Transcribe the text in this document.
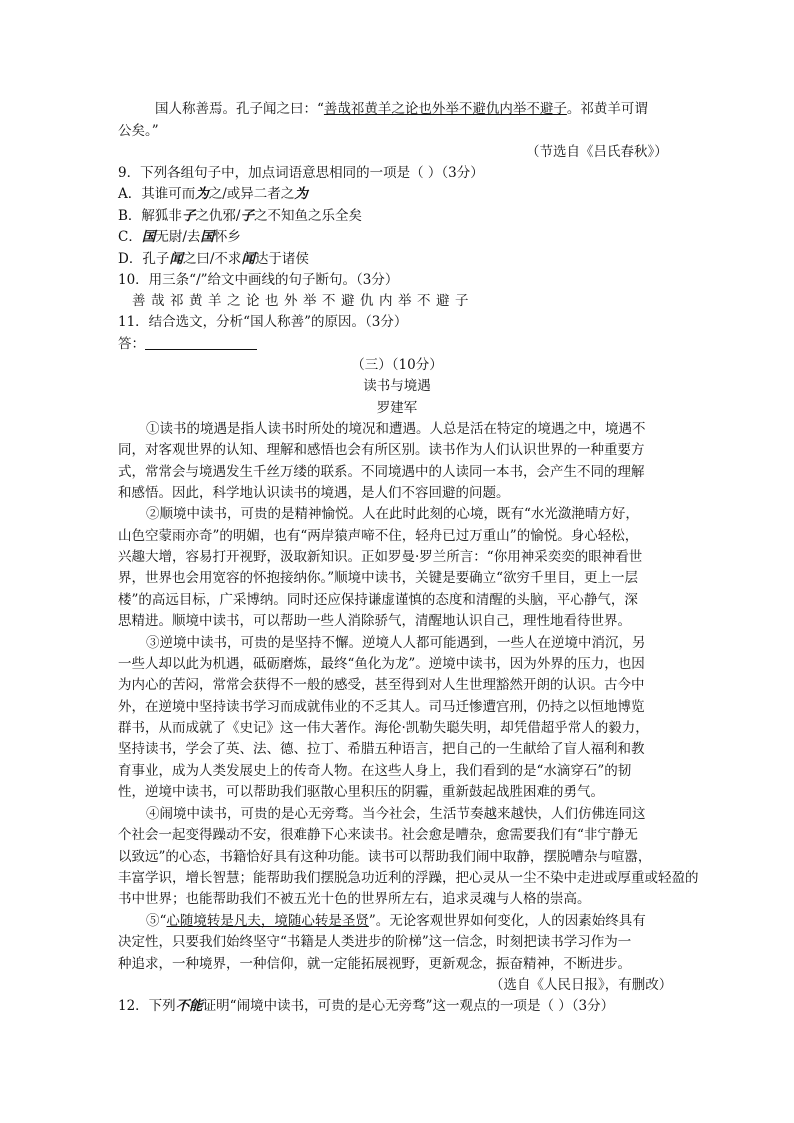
国人称善焉。孔子闻之曰：“善哉祁黄羊之论也外举不避仇内举不避子。祁黄羊可谓
公矣。”
（节选自《吕氏春秋》）
9．下列各组句子中，加点词语意思相同的一项是（ ）（3分）
A．其谁可而为之/或异二者之为
B．解狐非子之仇邪/子之不知鱼之乐全矣
C．国无尉/去国怀乡
D．孔子闻之曰/不求闻达于诸侯
10．用三条“/”给文中画线的句子断句。（3分）
善哉祁黄羊之论也外举不避仇内举不避子
11．结合选文，分析“国人称善”的原因。（3分）
答：
（三）（10分）
读书与境遇
罗建军
①读书的境遇是指人读书时所处的境况和遭遇。人总是活在特定的境遇之中，境遇不
同，对客观世界的认知、理解和感悟也会有所区别。读书作为人们认识世界的一种重要方
式，常常会与境遇发生千丝万缕的联系。不同境遇中的人读同一本书，会产生不同的理解
和感悟。因此，科学地认识读书的境遇，是人们不容回避的问题。
②顺境中读书，可贵的是精神愉悦。人在此时此刻的心境，既有“水光潋滟晴方好，
山色空蒙雨亦奇”的明媚，也有“两岸猿声啼不住，轻舟已过万重山”的愉悦。身心轻松，
兴趣大增，容易打开视野，汲取新知识。正如罗曼·罗兰所言：“你用神采奕奕的眼神看世
界，世界也会用宽容的怀抱接纳你。”顺境中读书，关键是要确立“欲穷千里目，更上一层
楼”的高远目标，广采博纳。同时还应保持谦虚谨慎的态度和清醒的头脑，平心静气，深
思精进。顺境中读书，可以帮助一些人消除骄气，清醒地认识自己，理性地看待世界。
③逆境中读书，可贵的是坚持不懈。逆境人人都可能遇到，一些人在逆境中消沉，另
一些人却以此为机遇，砥砺磨炼，最终“鱼化为龙”。逆境中读书，因为外界的压力，也因
为内心的苦闷，常常会获得不一般的感受，甚至得到对人生世理豁然开朗的认识。古今中
外，在逆境中坚持读书学习而成就伟业的不乏其人。司马迁惨遭宫刑，仍持之以恒地博览
群书，从而成就了《史记》这一伟大著作。海伦·凯勒失聪失明，却凭借超乎常人的毅力，
坚持读书，学会了英、法、德、拉丁、希腊五种语言，把自己的一生献给了盲人福利和教
育事业，成为人类发展史上的传奇人物。在这些人身上，我们看到的是“水滴穿石”的韧
性，逆境中读书，可以帮助我们驱散心里积压的阴霾，重新鼓起战胜困难的勇气。
④闹境中读书，可贵的是心无旁骛。当今社会，生活节奏越来越快，人们仿佛连同这
个社会一起变得躁动不安，很难静下心来读书。社会愈是嘈杂，愈需要我们有“非宁静无
以致远”的心态，书籍恰好具有这种功能。读书可以帮助我们闹中取静，摆脱嘈杂与喧嚣，
丰富学识，增长智慧；能帮助我们摆脱急功近利的浮躁，把心灵从一尘不染中走进或厚重或轻盈的
书中世界；也能帮助我们不被五光十色的世界所左右，追求灵魂与人格的崇高。
⑤“心随境转是凡夫，境随心转是圣贤”。无论客观世界如何变化，人的因素始终具有
决定性，只要我们始终坚守“书籍是人类进步的阶梯”这一信念，时刻把读书学习作为一
种追求，一种境界，一种信仰，就一定能拓展视野，更新观念，振奋精神，不断进步。
（选自《人民日报》，有删改）
12．下列不能证明“闹境中读书，可贵的是心无旁骛”这一观点的一项是（ ）（3分）
